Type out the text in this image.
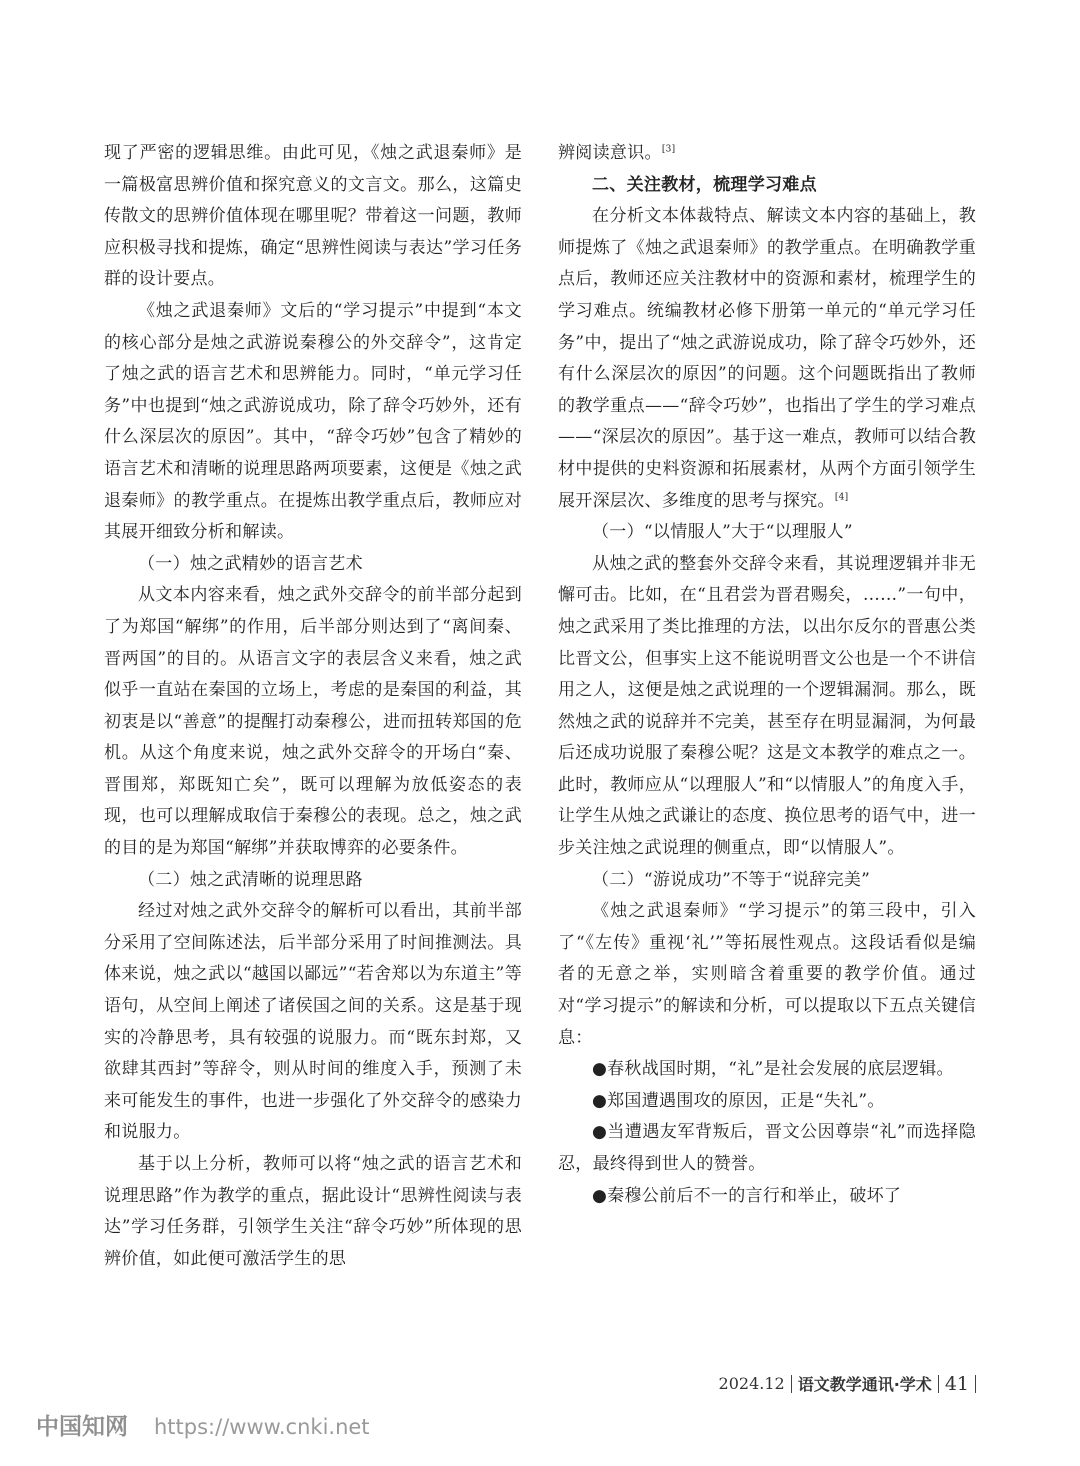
现了严密的逻辑思维。由此可见，《烛之武退秦师》是一篇极富思辨价值和探究意义的文言文。那么，这篇史传散文的思辨价值体现在哪里呢？带着这一问题，教师应积极寻找和提炼，确定“思辨性阅读与表达”学习任务群的设计要点。

《烛之武退秦师》文后的“学习提示”中提到“本文的核心部分是烛之武游说秦穆公的外交辞令”，这肯定了烛之武的语言艺术和思辨能力。同时，“单元学习任务”中也提到“烛之武游说成功，除了辞令巧妙外，还有什么深层次的原因”。其中，“辞令巧妙”包含了精妙的语言艺术和清晰的说理思路两项要素，这便是《烛之武退秦师》的教学重点。在提炼出教学重点后，教师应对其展开细致分析和解读。

（一）烛之武精妙的语言艺术

从文本内容来看，烛之武外交辞令的前半部分起到了为郑国“解绑”的作用，后半部分则达到了“离间秦、晋两国”的目的。从语言文字的表层含义来看，烛之武似乎一直站在秦国的立场上，考虑的是秦国的利益，其初衷是以“善意”的提醒打动秦穆公，进而扭转郑国的危机。从这个角度来说，烛之武外交辞令的开场白“秦、晋围郑，郑既知亡矣”，既可以理解为放低姿态的表现，也可以理解成取信于秦穆公的表现。总之，烛之武的目的是为郑国“解绑”并获取博弈的必要条件。

（二）烛之武清晰的说理思路

经过对烛之武外交辞令的解析可以看出，其前半部分采用了空间陈述法，后半部分采用了时间推测法。具体来说，烛之武以“越国以鄙远”“若舍郑以为东道主”等语句，从空间上阐述了诸侯国之间的关系。这是基于现实的冷静思考，具有较强的说服力。而“既东封郑，又欲肆其西封”等辞令，则从时间的维度入手，预测了未来可能发生的事件，也进一步强化了外交辞令的感染力和说服力。

基于以上分析，教师可以将“烛之武的语言艺术和说理思路”作为教学的重点，据此设计“思辨性阅读与表达”学习任务群，引领学生关注“辞令巧妙”所体现的思辨价值，如此便可激活学生的思

辨阅读意识。[3]

二、关注教材，梳理学习难点

在分析文本体裁特点、解读文本内容的基础上，教师提炼了《烛之武退秦师》的教学重点。在明确教学重点后，教师还应关注教材中的资源和素材，梳理学生的学习难点。统编教材必修下册第一单元的“单元学习任务”中，提出了“烛之武游说成功，除了辞令巧妙外，还有什么深层次的原因”的问题。这个问题既指出了教师的教学重点——“辞令巧妙”，也指出了学生的学习难点——“深层次的原因”。基于这一难点，教师可以结合教材中提供的史料资源和拓展素材，从两个方面引领学生展开深层次、多维度的思考与探究。[4]

（一）“以情服人”大于“以理服人”

从烛之武的整套外交辞令来看，其说理逻辑并非无懈可击。比如，在“且君尝为晋君赐矣，……”一句中，烛之武采用了类比推理的方法，以出尔反尔的晋惠公类比晋文公，但事实上这不能说明晋文公也是一个不讲信用之人，这便是烛之武说理的一个逻辑漏洞。那么，既然烛之武的说辞并不完美，甚至存在明显漏洞，为何最后还成功说服了秦穆公呢？这是文本教学的难点之一。此时，教师应从“以理服人”和“以情服人”的角度入手，让学生从烛之武谦让的态度、换位思考的语气中，进一步关注烛之武说理的侧重点，即“以情服人”。

（二）“游说成功”不等于“说辞完美”

《烛之武退秦师》“学习提示”的第三段中，引入了“《左传》重视‘礼’”等拓展性观点。这段话看似是编者的无意之举，实则暗含着重要的教学价值。通过对“学习提示”的解读和分析，可以提取以下五点关键信息：

●春秋战国时期，“礼”是社会发展的底层逻辑。

●郑国遭遇围攻的原因，正是“失礼”。

●当遭遇友军背叛后，晋文公因尊崇“礼”而选择隐忍，最终得到世人的赞誉。

●秦穆公前后不一的言行和举止，破坏了

2024.12 语文教学通讯·学术 41
中国知网 https://www.cnki.net
